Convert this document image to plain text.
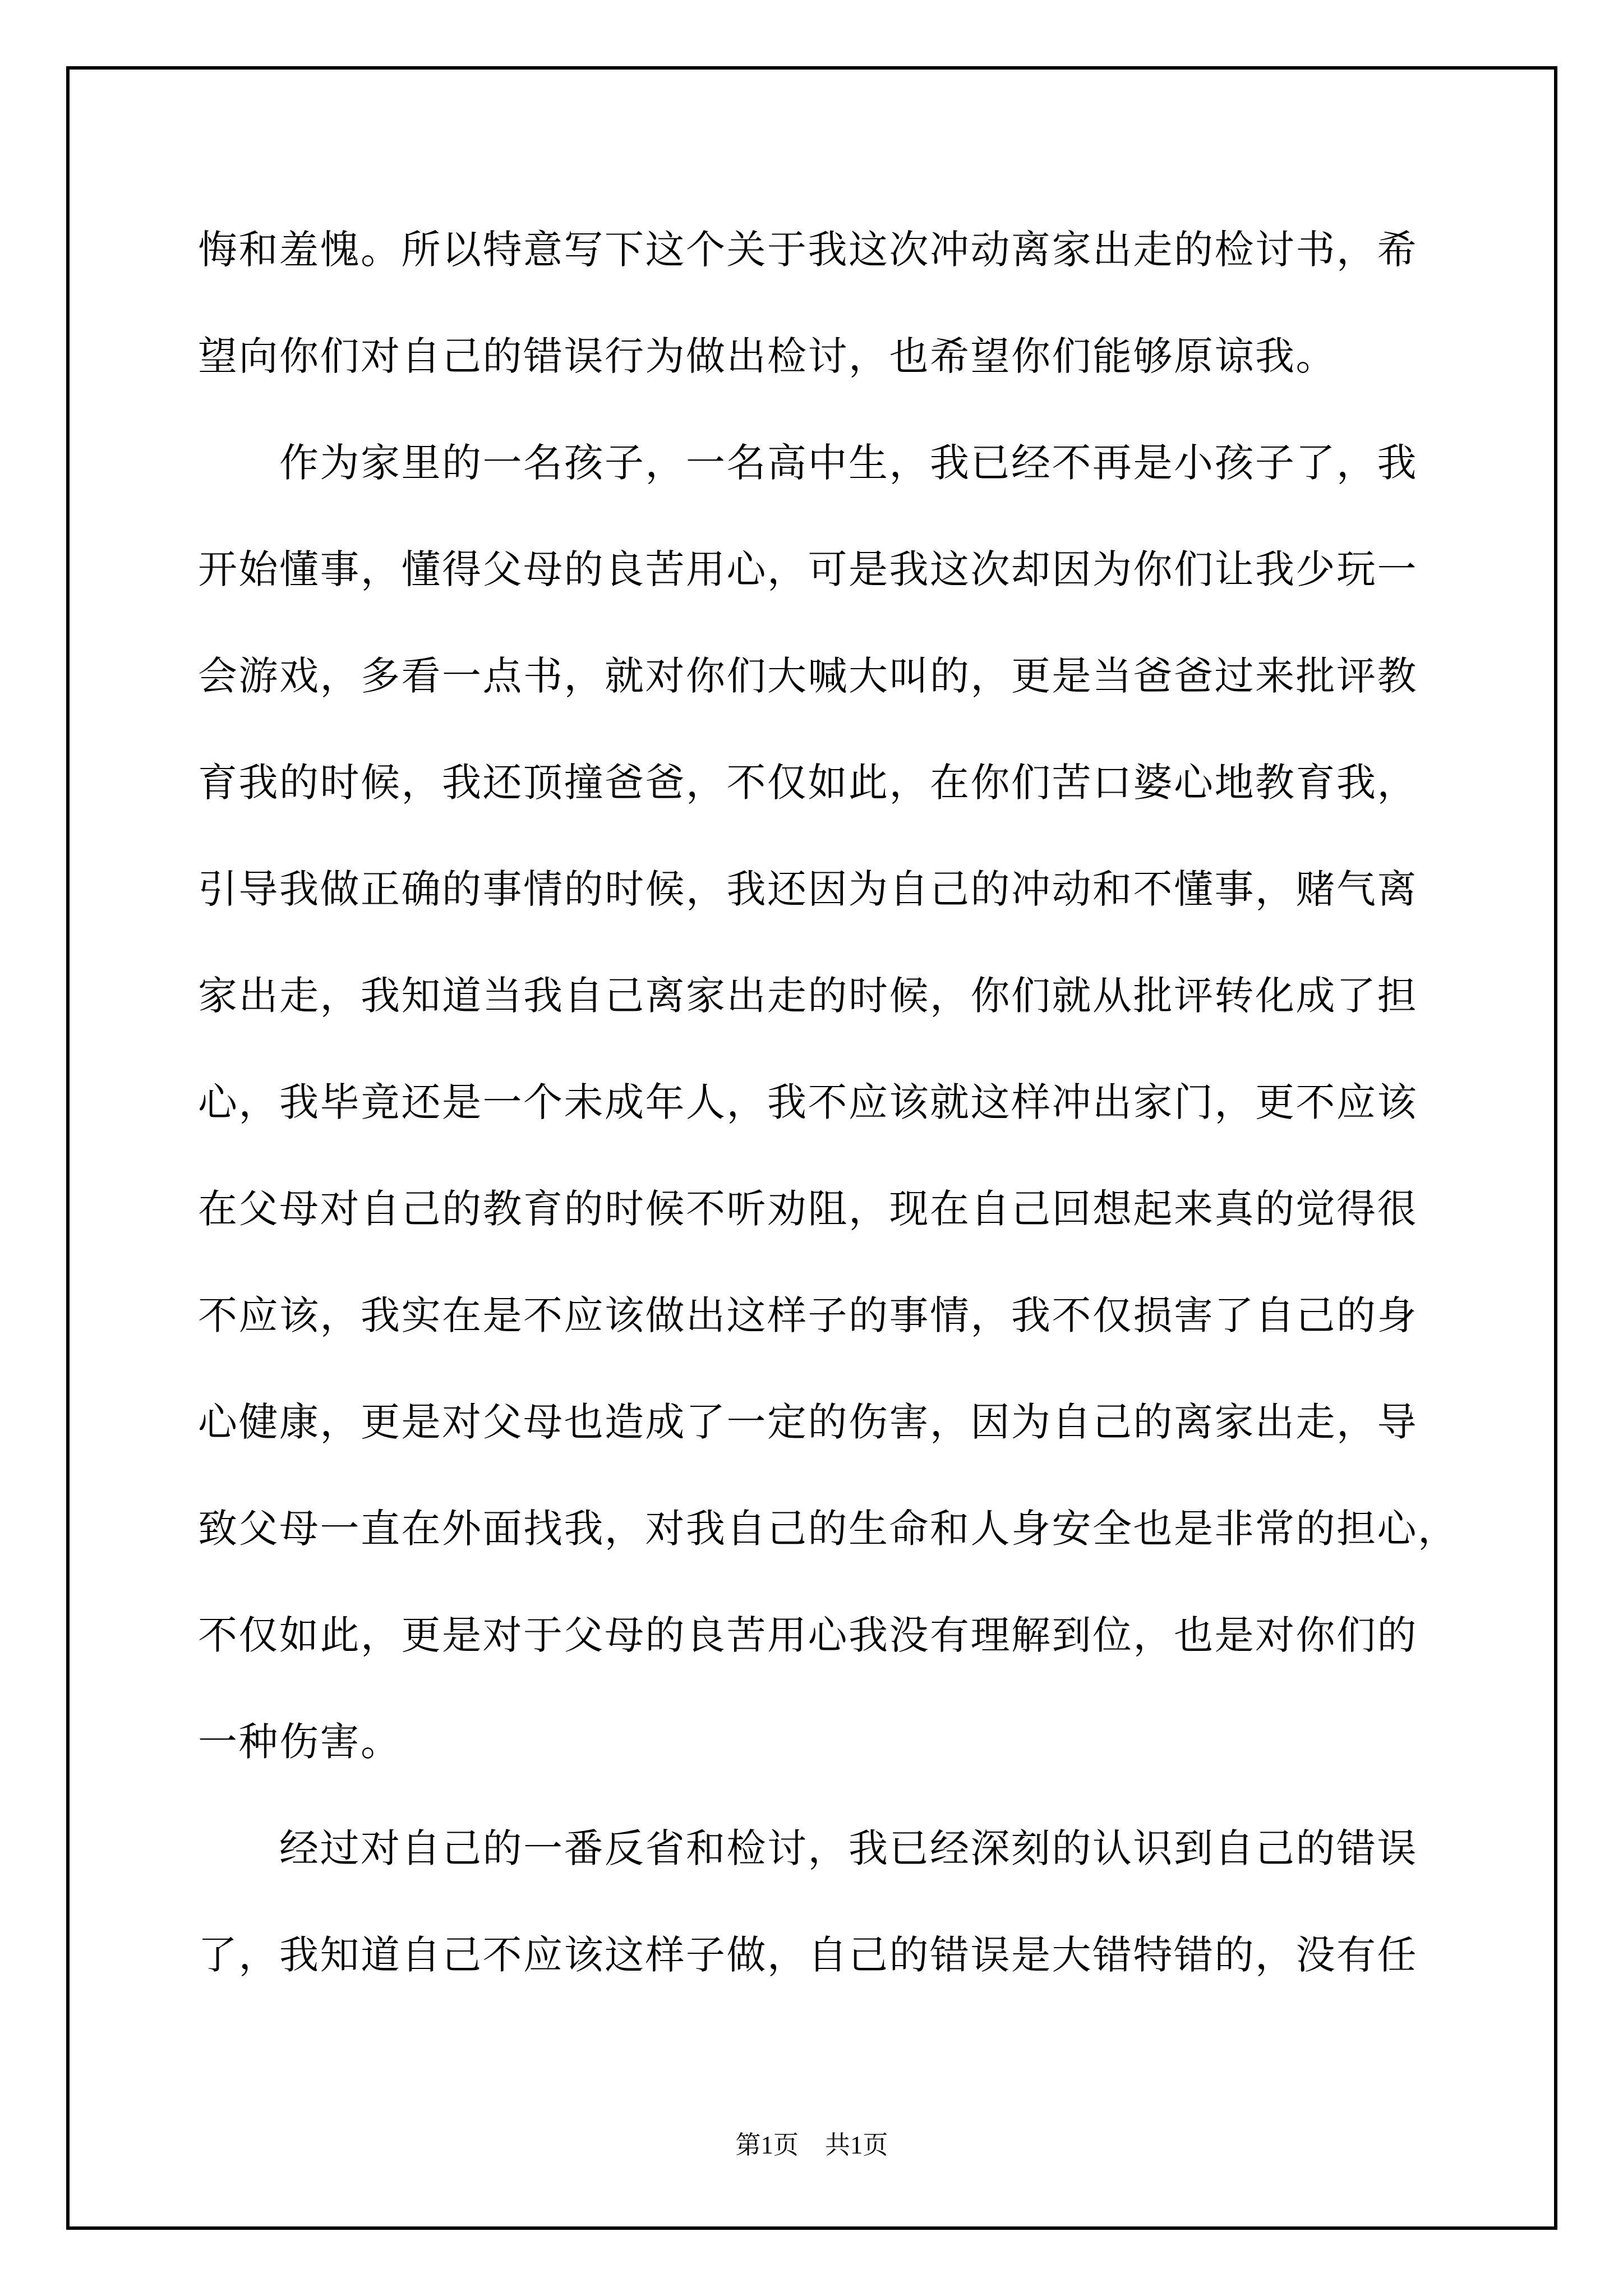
悔和羞愧。所以特意写下这个关于我这次冲动离家出走的检讨书，希
望向你们对自己的错误行为做出检讨，也希望你们能够原谅我。
　　作为家里的一名孩子，一名高中生，我已经不再是小孩子了，我
开始懂事，懂得父母的良苦用心，可是我这次却因为你们让我少玩一
会游戏，多看一点书，就对你们大喊大叫的，更是当爸爸过来批评教
育我的时候，我还顶撞爸爸，不仅如此，在你们苦口婆心地教育我，
引导我做正确的事情的时候，我还因为自己的冲动和不懂事，赌气离
家出走，我知道当我自己离家出走的时候，你们就从批评转化成了担
心，我毕竟还是一个未成年人，我不应该就这样冲出家门，更不应该
在父母对自己的教育的时候不听劝阻，现在自己回想起来真的觉得很
不应该，我实在是不应该做出这样子的事情，我不仅损害了自己的身
心健康，更是对父母也造成了一定的伤害，因为自己的离家出走，导
致父母一直在外面找我，对我自己的生命和人身安全也是非常的担心，
不仅如此，更是对于父母的良苦用心我没有理解到位，也是对你们的
一种伤害。
　　经过对自己的一番反省和检讨，我已经深刻的认识到自己的错误
了，我知道自己不应该这样子做，自己的错误是大错特错的，没有任
第1页 共1页
